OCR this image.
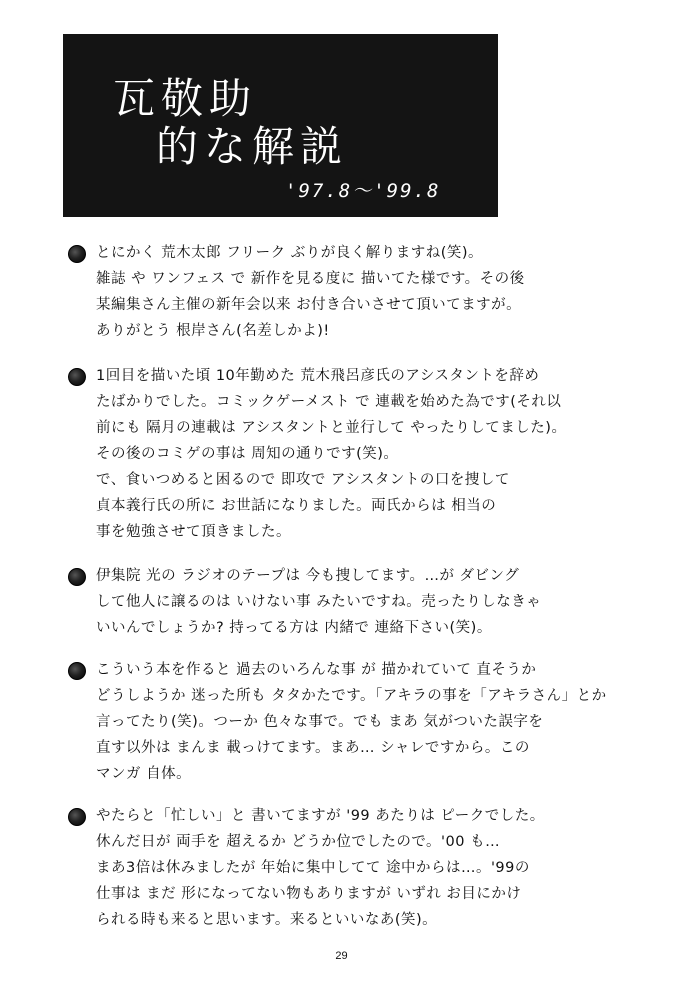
瓦敬助
的な解説
'97.8～'99.8
とにかく 荒木太郎 フリーク ぶりが良く解りますね(笑)。
雑誌 や ワンフェス で 新作を見る度に 描いてた様です。その後
某編集さん主催の新年会以来 お付き合いさせて頂いてますが。
ありがとう 根岸さん(名差しかよ)!
1回目を描いた頃 10年勤めた 荒木飛呂彦氏のアシスタントを辞め
たばかりでした。コミックゲーメスト で 連載を始めた為です(それ以
前にも 隔月の連載は アシスタントと並行して やったりしてました)。
その後のコミゲの事は 周知の通りです(笑)。
で、食いつめると困るので 即攻で アシスタントの口を捜して
貞本義行氏の所に お世話になりました。両氏からは 相当の
事を勉強させて頂きました。
伊集院 光の ラジオのテープは 今も捜してます。…が ダビング
して他人に譲るのは いけない事 みたいですね。売ったりしなきゃ
いいんでしょうか? 持ってる方は 内緒で 連絡下さい(笑)。
こういう本を作ると 過去のいろんな事 が 描かれていて 直そうか
どうしようか 迷った所も タタかたです。「アキラの事を「アキラさん」とか
言ってたり(笑)。つーか 色々な事で。でも まあ 気がついた誤字を
直す以外は まんま 載っけてます。まあ… シャレですから。この
マンガ 自体。
やたらと「忙しい」と 書いてますが '99 あたりは ピークでした。
休んだ日が 両手を 超えるか どうか位でしたので。'00 も…
まあ3倍は休みましたが 年始に集中してて 途中からは…。'99の
仕事は まだ 形になってない物もありますが いずれ お目にかけ
られる時も来ると思います。来るといいなあ(笑)。
29
